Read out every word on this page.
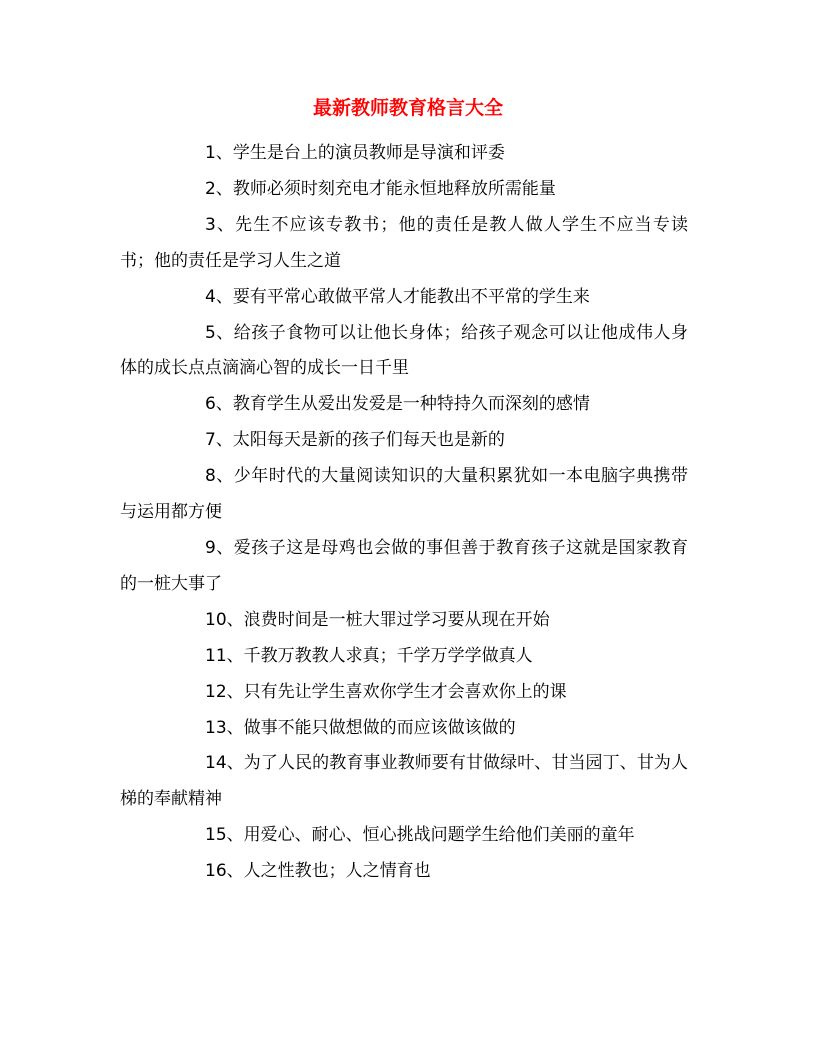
最新教师教育格言大全

1、学生是台上的演员教师是导演和评委

2、教师必须时刻充电才能永恒地释放所需能量

3、先生不应该专教书；他的责任是教人做人学生不应当专读书；他的责任是学习人生之道

4、要有平常心敢做平常人才能教出不平常的学生来

5、给孩子食物可以让他长身体；给孩子观念可以让他成伟人身体的成长点点滴滴心智的成长一日千里

6、教育学生从爱出发爱是一种特持久而深刻的感情

7、太阳每天是新的孩子们每天也是新的

8、少年时代的大量阅读知识的大量积累犹如一本电脑字典携带与运用都方便

9、爱孩子这是母鸡也会做的事但善于教育孩子这就是国家教育的一桩大事了

10、浪费时间是一桩大罪过学习要从现在开始

11、千教万教教人求真；千学万学学做真人

12、只有先让学生喜欢你学生才会喜欢你上的课

13、做事不能只做想做的而应该做该做的

14、为了人民的教育事业教师要有甘做绿叶、甘当园丁、甘为人梯的奉献精神

15、用爱心、耐心、恒心挑战问题学生给他们美丽的童年

16、人之性教也；人之情育也
